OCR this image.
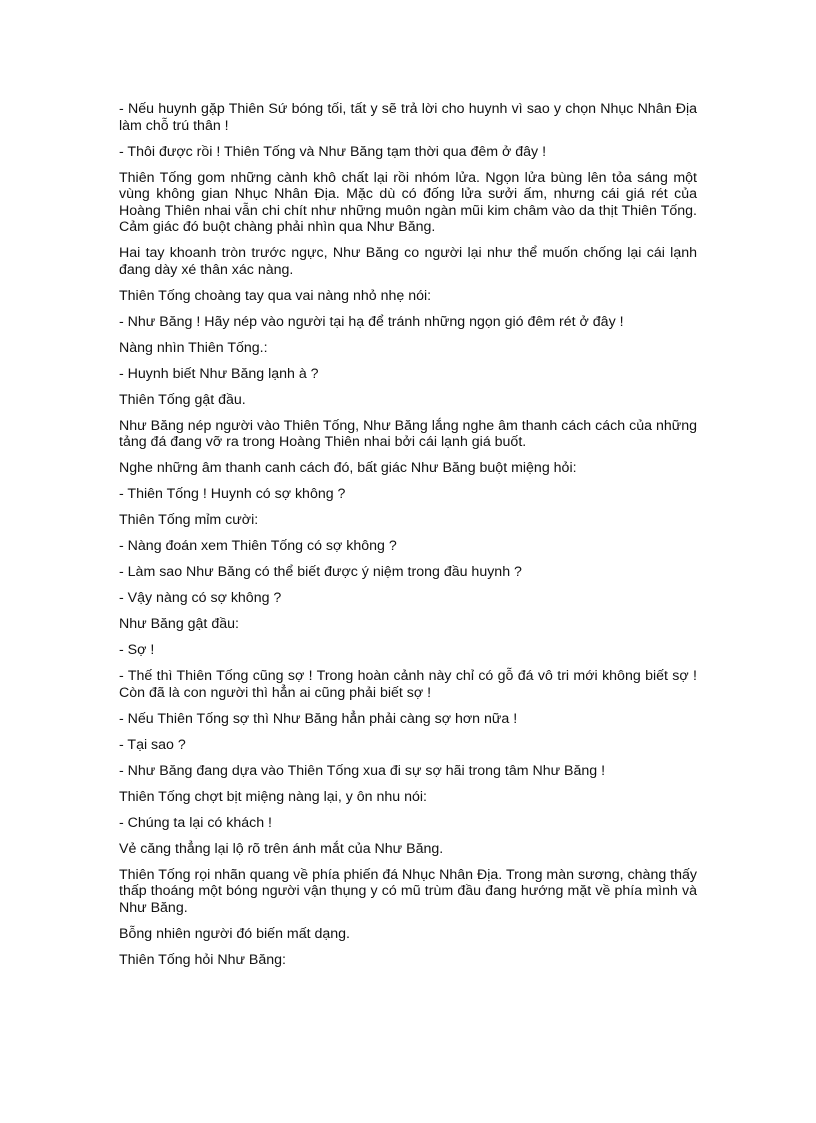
- Nếu huynh gặp Thiên Sứ bóng tối, tất y sẽ trả lời cho huynh vì sao y chọn Nhục Nhân Địa làm chỗ trú thân !

- Thôi được rồi ! Thiên Tống và Như Băng tạm thời qua đêm ở đây !

Thiên Tống gom những cành khô chất lại rồi nhóm lửa. Ngọn lửa bùng lên tỏa sáng một vùng không gian Nhục Nhân Địa. Mặc dù có đống lửa sưởi ấm, nhưng cái giá rét của Hoàng Thiên nhai vẫn chi chít như những muôn ngàn mũi kim châm vào da thịt Thiên Tống. Cảm giác đó buột chàng phải nhìn qua Như Băng.

Hai tay khoanh tròn trước ngực, Như Băng co người lại như thể muốn chống lại cái lạnh đang dày xé thân xác nàng.

Thiên Tống choàng tay qua vai nàng nhỏ nhẹ nói:

- Như Băng ! Hãy nép vào người tại hạ để tránh những ngọn gió đêm rét ở đây !

Nàng nhìn Thiên Tống.:

- Huynh biết Như Băng lạnh à ?

Thiên Tống gật đầu.

Như Băng nép người vào Thiên Tống, Như Băng lắng nghe âm thanh cách cách của những tảng đá đang vỡ ra trong Hoàng Thiên nhai bởi cái lạnh giá buốt.

Nghe những âm thanh canh cách đó, bất giác Như Băng buột miệng hỏi:

- Thiên Tống ! Huynh có sợ không ?

Thiên Tống mỉm cười:

- Nàng đoán xem Thiên Tống có sợ không ?

- Làm sao Như Băng có thể biết được ý niệm trong đầu huynh ?

- Vậy nàng có sợ không ?

Như Băng gật đầu:

- Sợ !

- Thế thì Thiên Tống cũng sợ ! Trong hoàn cảnh này chỉ có gỗ đá vô tri mới không biết sợ ! Còn đã là con người thì hẳn ai cũng phải biết sợ !

- Nếu Thiên Tống sợ thì Như Băng hẳn phải càng sợ hơn nữa !

- Tại sao ?

- Như Băng đang dựa vào Thiên Tống xua đi sự sợ hãi trong tâm Như Băng !

Thiên Tống chợt bịt miệng nàng lại, y ôn nhu nói:

- Chúng ta lại có khách !

Vẻ căng thẳng lại lộ rõ trên ánh mắt của Như Băng.

Thiên Tống rọi nhãn quang về phía phiến đá Nhục Nhân Địa. Trong màn sương, chàng thấy thấp thoáng một bóng người vận thụng y có mũ trùm đầu đang hướng mặt về phía mình và Như Băng.

Bỗng nhiên người đó biến mất dạng.

Thiên Tống hỏi Như Băng:
